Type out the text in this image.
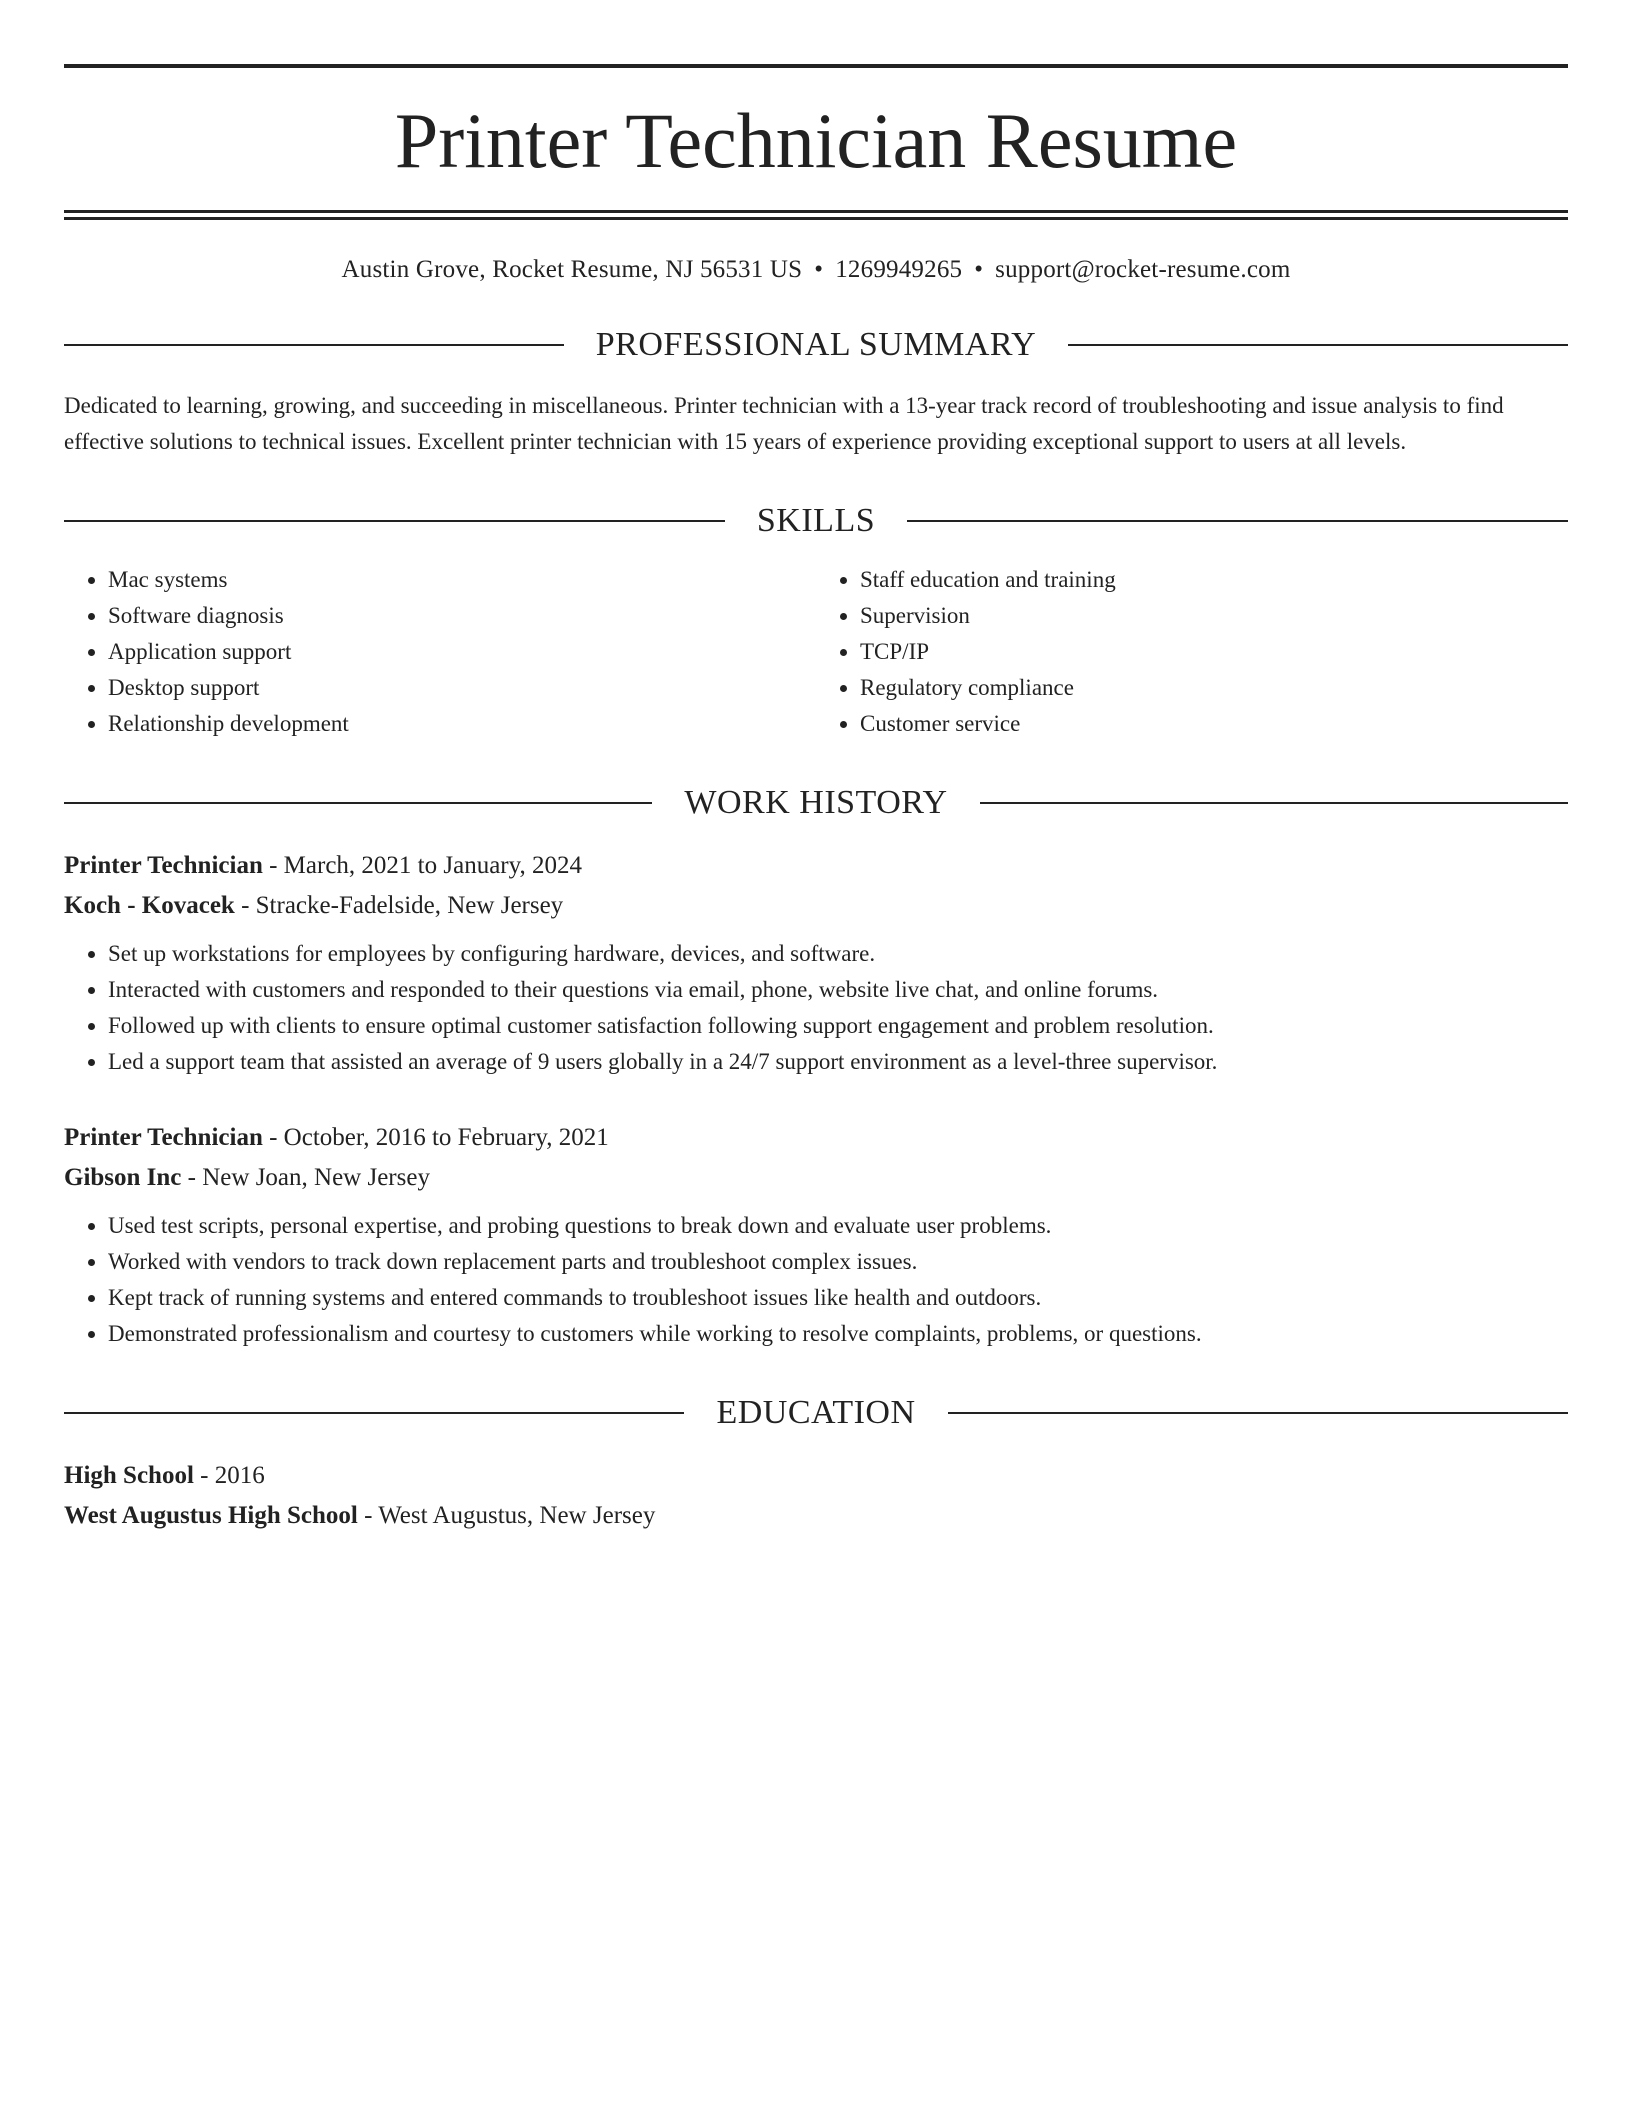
Printer Technician Resume
Austin Grove, Rocket Resume, NJ 56531 US • 1269949265 • support@rocket-resume.com
PROFESSIONAL SUMMARY
Dedicated to learning, growing, and succeeding in miscellaneous. Printer technician with a 13-year track record of troubleshooting and issue analysis to find effective solutions to technical issues. Excellent printer technician with 15 years of experience providing exceptional support to users at all levels.
SKILLS
• Mac systems
• Software diagnosis
• Application support
• Desktop support
• Relationship development
• Staff education and training
• Supervision
• TCP/IP
• Regulatory compliance
• Customer service
WORK HISTORY
Printer Technician - March, 2021 to January, 2024
Koch - Kovacek - Stracke-Fadelside, New Jersey
• Set up workstations for employees by configuring hardware, devices, and software.
• Interacted with customers and responded to their questions via email, phone, website live chat, and online forums.
• Followed up with clients to ensure optimal customer satisfaction following support engagement and problem resolution.
• Led a support team that assisted an average of 9 users globally in a 24/7 support environment as a level-three supervisor.
Printer Technician - October, 2016 to February, 2021
Gibson Inc - New Joan, New Jersey
• Used test scripts, personal expertise, and probing questions to break down and evaluate user problems.
• Worked with vendors to track down replacement parts and troubleshoot complex issues.
• Kept track of running systems and entered commands to troubleshoot issues like health and outdoors.
• Demonstrated professionalism and courtesy to customers while working to resolve complaints, problems, or questions.
EDUCATION
High School - 2016
West Augustus High School - West Augustus, New Jersey
